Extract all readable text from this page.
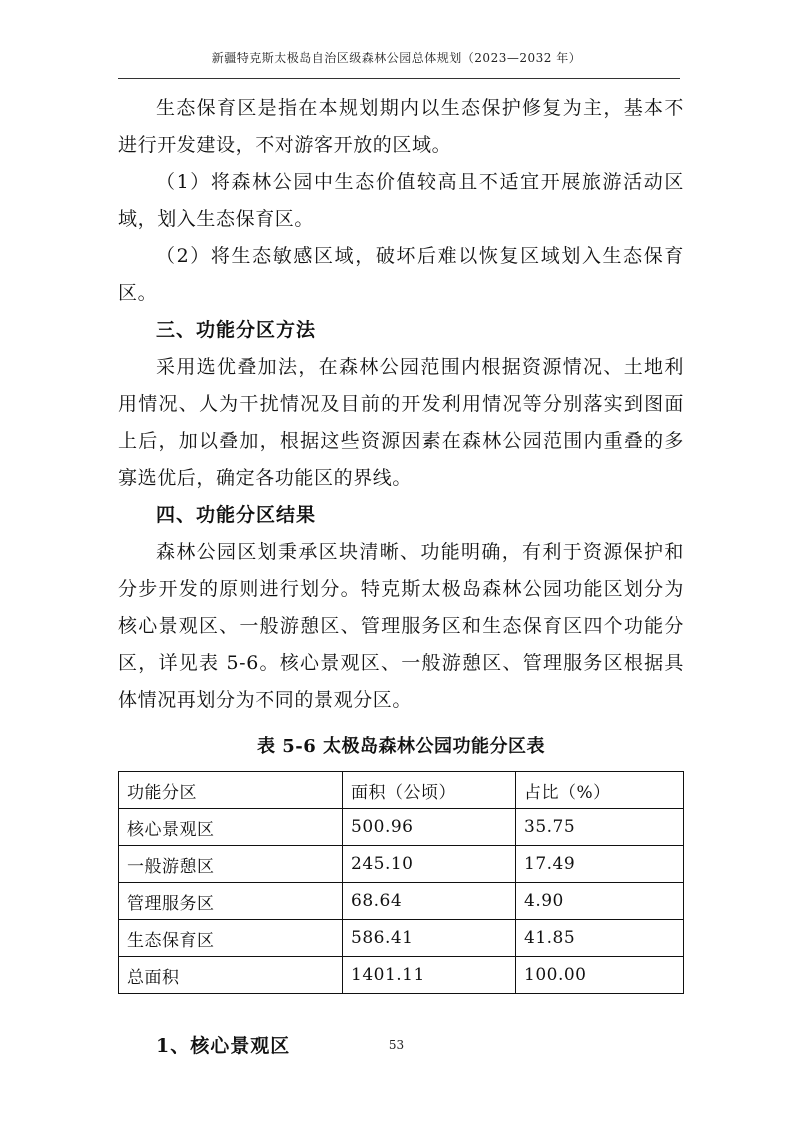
新疆特克斯太极岛自治区级森林公园总体规划（2023—2032 年）

生态保育区是指在本规划期内以生态保护修复为主，基本不进行开发建设，不对游客开放的区域。

（1）将森林公园中生态价值较高且不适宜开展旅游活动区域，划入生态保育区。

（2）将生态敏感区域，破坏后难以恢复区域划入生态保育区。

三、功能分区方法

采用选优叠加法，在森林公园范围内根据资源情况、土地利用情况、人为干扰情况及目前的开发利用情况等分别落实到图面上后，加以叠加，根据这些资源因素在森林公园范围内重叠的多寡选优后，确定各功能区的界线。

四、功能分区结果

森林公园区划秉承区块清晰、功能明确，有利于资源保护和分步开发的原则进行划分。特克斯太极岛森林公园功能区划分为核心景观区、一般游憩区、管理服务区和生态保育区四个功能分区，详见表 5-6。核心景观区、一般游憩区、管理服务区根据具体情况再划分为不同的景观分区。

表 5-6 太极岛森林公园功能分区表
功能分区	面积（公顷）	占比（%）
核心景观区	500.96	35.75
一般游憩区	245.10	17.49
管理服务区	68.64	4.90
生态保育区	586.41	41.85
总面积	1401.11	100.00
1、核心景观区	53
